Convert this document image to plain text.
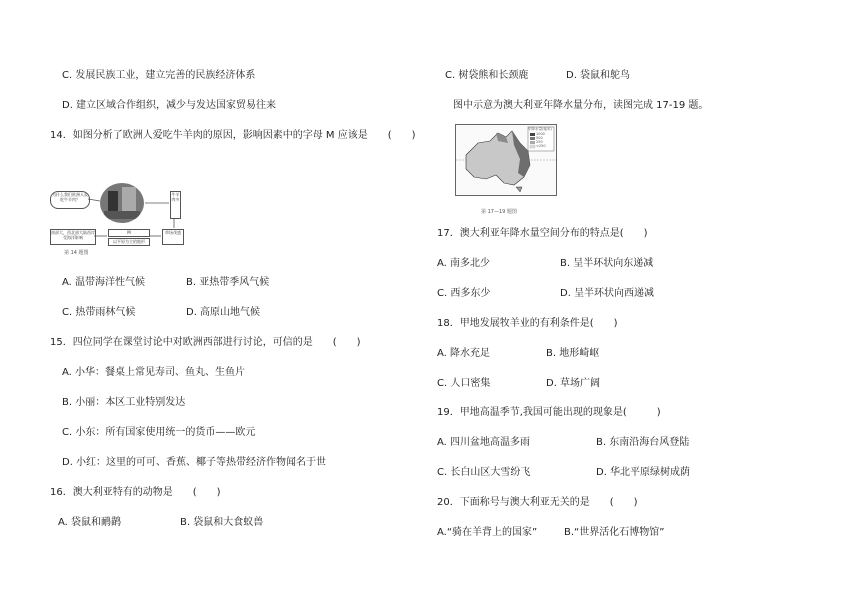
C. 发展民族工业，建立完善的民族经济体系
D. 建立区域合作组织，减少与发达国家贸易往来
14．如图分析了欧洲人爱吃牛羊肉的原因，影响因素中的字母 M 应该是　　(　　)
为什么我们欧洲人爱吃牛羊肉？
牛羊肉多
南部大，西北部大陆西岸受海洋影响
M
以平原为主的地形
草场茂盛
第 14 题图
A. 温带海洋性气候	B. 亚热带季风气候
C. 热带雨林气候	D. 高原山地气候
15．四位同学在课堂讨论中对欧洲西部进行讨论，可信的是　　(　　)
A. 小华：餐桌上常见寿司、鱼丸、生鱼片
B. 小丽：本区工业特别发达
C. 小东：所有国家使用统一的货币——欧元
D. 小红：这里的可可、香蕉、椰子等热带经济作物闻名于世
16．澳大利亚特有的动物是　　(　　)
A. 袋鼠和鸸鹋	B. 袋鼠和大食蚁兽
C. 树袋熊和长颈鹿	D. 袋鼠和鸵鸟
图中示意为澳大利亚年降水量分布，读图完成 17-19 题。
年降水量(毫米)
1000
500
250
<250
第 17—19 题图
17．澳大利亚年降水量空间分布的特点是(　　)
A. 南多北少	B. 呈半环状向东递减
C. 西多东少	D. 呈半环状向西递减
18．甲地发展牧羊业的有利条件是(　　)
A. 降水充足	B. 地形崎岖
C. 人口密集	D. 草场广阔
19．甲地高温季节,我国可能出现的现象是(　　　)
A. 四川盆地高温多雨	B. 东南沿海台风登陆
C. 长白山区大雪纷飞	D. 华北平原绿树成荫
20．下面称号与澳大利亚无关的是　　(　　)
A.“骑在羊背上的国家”	B.“世界活化石博物馆”
